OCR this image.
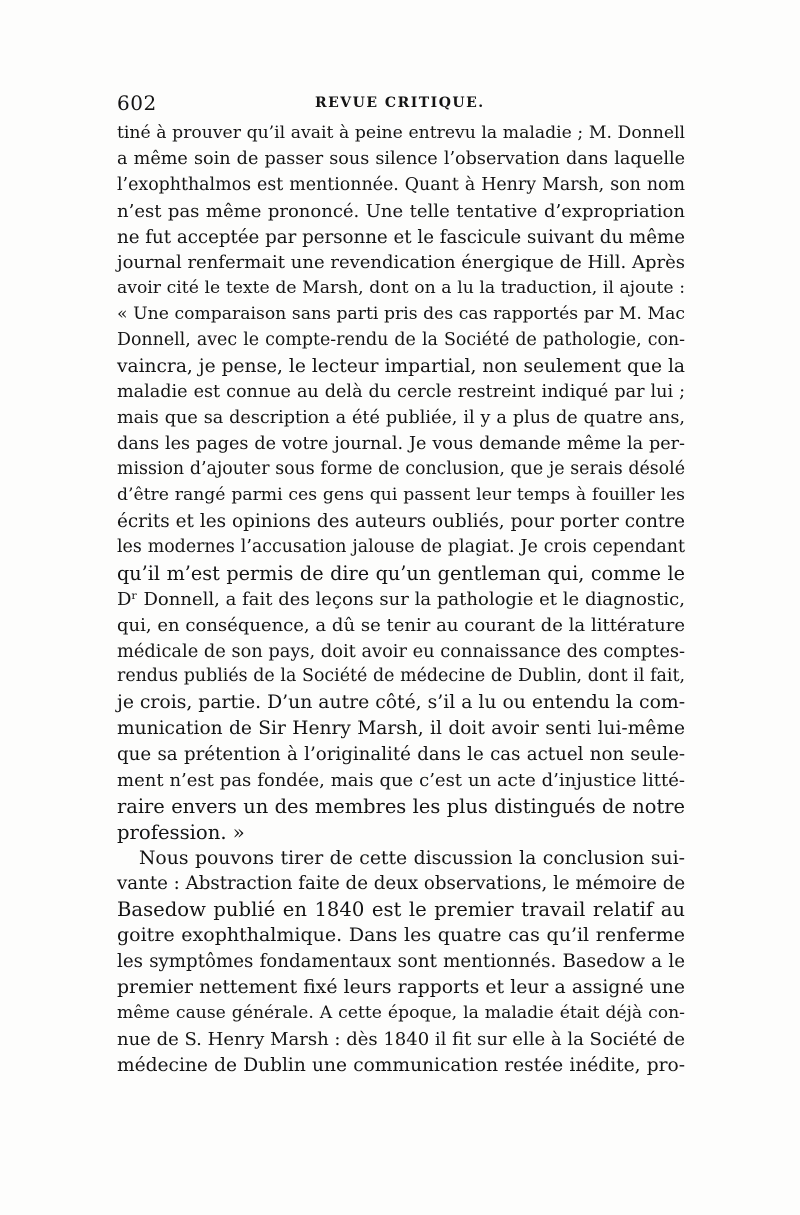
602	REVUE CRITIQUE.
tiné à prouver qu’il avait à peine entrevu la maladie ; M. Donnell
a même soin de passer sous silence l’observation dans laquelle
l’exophthalmos est mentionnée. Quant à Henry Marsh, son nom
n’est pas même prononcé. Une telle tentative d’expropriation
ne fut acceptée par personne et le fascicule suivant du même
journal renfermait une revendication énergique de Hill. Après
avoir cité le texte de Marsh, dont on a lu la traduction, il ajoute :
« Une comparaison sans parti pris des cas rapportés par M. Mac
Donnell, avec le compte-rendu de la Société de pathologie, con-
vaincra, je pense, le lecteur impartial, non seulement que la
maladie est connue au delà du cercle restreint indiqué par lui ;
mais que sa description a été publiée, il y a plus de quatre ans,
dans les pages de votre journal. Je vous demande même la per-
mission d’ajouter sous forme de conclusion, que je serais désolé
d’être rangé parmi ces gens qui passent leur temps à fouiller les
écrits et les opinions des auteurs oubliés, pour porter contre
les modernes l’accusation jalouse de plagiat. Je crois cependant
qu’il m’est permis de dire qu’un gentleman qui, comme le
Dʳ Donnell, a fait des leçons sur la pathologie et le diagnostic,
qui, en conséquence, a dû se tenir au courant de la littérature
médicale de son pays, doit avoir eu connaissance des comptes-
rendus publiés de la Société de médecine de Dublin, dont il fait,
je crois, partie. D’un autre côté, s’il a lu ou entendu la com-
munication de Sir Henry Marsh, il doit avoir senti lui-même
que sa prétention à l’originalité dans le cas actuel non seule-
ment n’est pas fondée, mais que c’est un acte d’injustice litté-
raire envers un des membres les plus distingués de notre
profession. »
Nous pouvons tirer de cette discussion la conclusion sui-
vante : Abstraction faite de deux observations, le mémoire de
Basedow publié en 1840 est le premier travail relatif au
goitre exophthalmique. Dans les quatre cas qu’il renferme
les symptômes fondamentaux sont mentionnés. Basedow a le
premier nettement fixé leurs rapports et leur a assigné une
même cause générale. A cette époque, la maladie était déjà con-
nue de S. Henry Marsh : dès 1840 il fit sur elle à la Société de
médecine de Dublin une communication restée inédite, pro-
